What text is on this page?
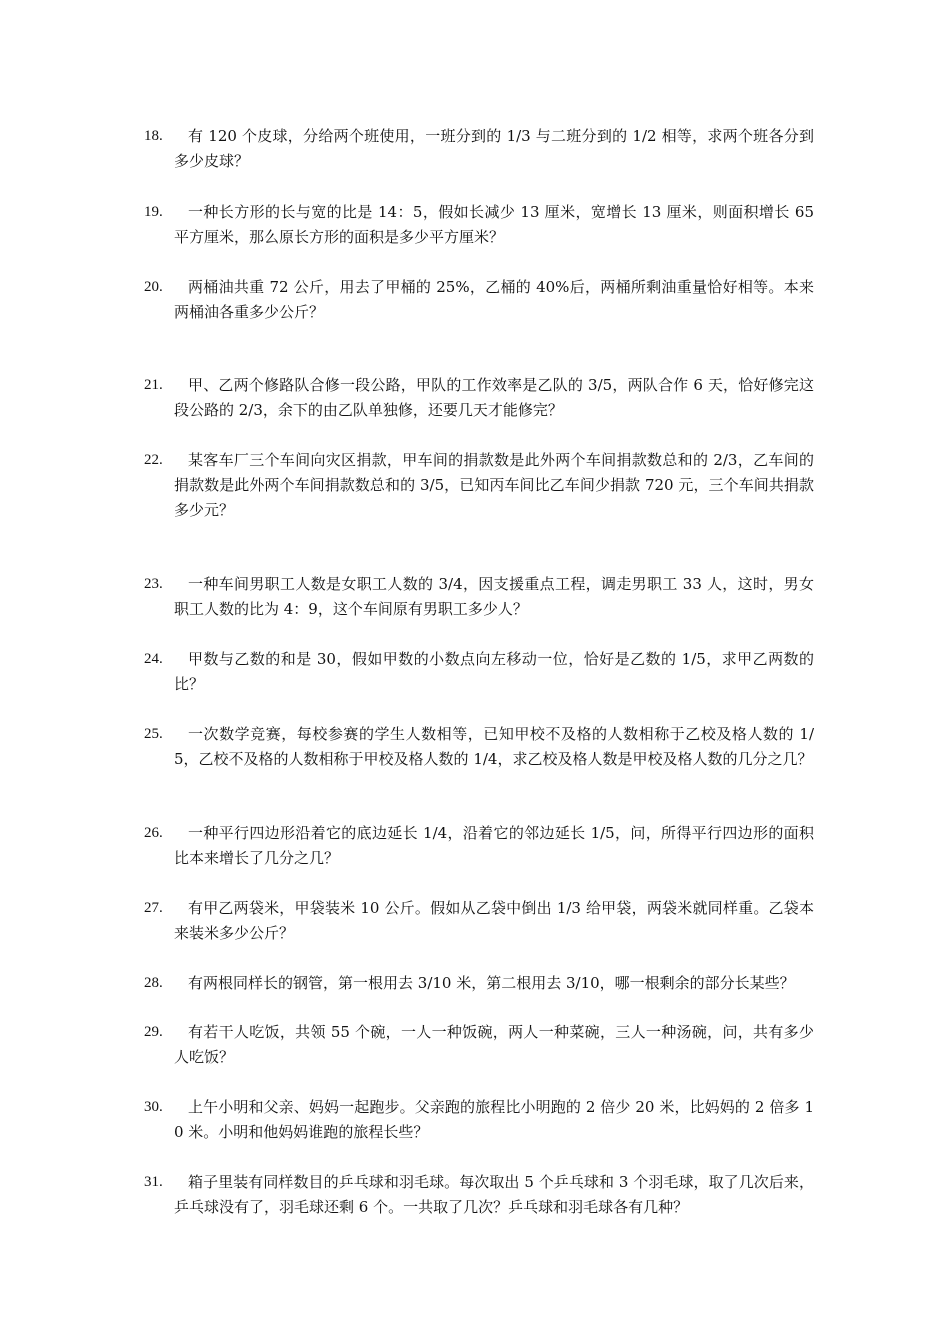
18.	有 120 个皮球，分给两个班使用，一班分到的 1/3 与二班分到的 1/2 相等，求两个班各分到多少皮球？
19.	一种长方形的长与宽的比是 14：5，假如长减少 13 厘米，宽增长 13 厘米，则面积增长 65 平方厘米，那么原长方形的面积是多少平方厘米？
20.	两桶油共重 72 公斤，用去了甲桶的 25%，乙桶的 40%后，两桶所剩油重量恰好相等。本来两桶油各重多少公斤？
21.	甲、乙两个修路队合修一段公路，甲队的工作效率是乙队的 3/5，两队合作 6 天，恰好修完这段公路的 2/3，余下的由乙队单独修，还要几天才能修完？
22.	某客车厂三个车间向灾区捐款，甲车间的捐款数是此外两个车间捐款数总和的 2/3，乙车间的捐款数是此外两个车间捐款数总和的 3/5，已知丙车间比乙车间少捐款 720 元，三个车间共捐款多少元？
23.	一种车间男职工人数是女职工人数的 3/4，因支援重点工程，调走男职工 33 人，这时，男女职工人数的比为 4：9，这个车间原有男职工多少人？
24.	甲数与乙数的和是 30，假如甲数的小数点向左移动一位，恰好是乙数的 1/5，求甲乙两数的比？
25.	一次数学竞赛，每校参赛的学生人数相等，已知甲校不及格的人数相称于乙校及格人数的 1/5，乙校不及格的人数相称于甲校及格人数的 1/4，求乙校及格人数是甲校及格人数的几分之几？
26.	一种平行四边形沿着它的底边延长 1/4，沿着它的邻边延长 1/5，问，所得平行四边形的面积比本来增长了几分之几？
27.	有甲乙两袋米，甲袋装米 10 公斤。假如从乙袋中倒出 1/3 给甲袋，两袋米就同样重。乙袋本来装米多少公斤？
28.	有两根同样长的钢管，第一根用去 3/10 米，第二根用去 3/10，哪一根剩余的部分长某些？
29.	有若干人吃饭，共领 55 个碗，一人一种饭碗，两人一种菜碗，三人一种汤碗，问，共有多少人吃饭？
30.	上午小明和父亲、妈妈一起跑步。父亲跑的旅程比小明跑的 2 倍少 20 米，比妈妈的 2 倍多 10 米。小明和他妈妈谁跑的旅程长些？
31.	箱子里装有同样数目的乒乓球和羽毛球。每次取出 5 个乒乓球和 3 个羽毛球，取了几次后来，乒乓球没有了，羽毛球还剩 6 个。一共取了几次？乒乓球和羽毛球各有几种？
